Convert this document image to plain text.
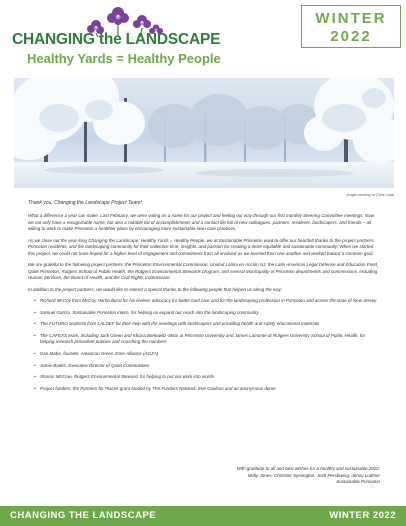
CHANGING the LANDSCAPE
Healthy Yards = Healthy People
WINTER
2022
Image courtesy of Chris Cobb

Thank you, Changing the Landscape Project Team!

What a difference a year can make. Last February, we were voting on a name for our project and feeling our way through our first monthly Steering Committee meetings. Now, we not only have a recognizable name, but also a notable list of accomplishments and a contact file full of new colleagues, partners, residents, landscapers, and friends – all willing to work to make Princeton a healthier place by encouraging more sustainable lawn care practices.

As we close out the year-long Changing the Landscape: Healthy Yards = Healthy People, we at Sustainable Princeton want to offer our heartfelt thanks to the project partners, Princeton residents, and the landscaping community for their collective time, insights, and passion for creating a more equitable and sustainable community. When we started this project, we could not have hoped for a higher level of engagement and commitment from all involved as we learned from one another and worked toward a common goal.

We are grateful to the following project partners: the Princeton Environmental Commission, Unidad Latina en Acción NJ, the Latin American Legal Defense and Education Fund, Quiet Princeton, Rutgers School of Public Health, the Rutgers Environmental Stewards program, and several Municipality of Princeton departments and commissions, including Human Services, the Board of Health, and the Civil Rights Commission.

In addition to the project partners, we would like to extend a special thanks to the following people that helped us along the way:

• Richard McCoy from McCoy Horticultural for his tireless advocacy for better land care and for the landscaping profession in Princeton and across the state of New Jersey
• Samuel Garcia, Sustainable Princeton intern, for helping us expand our reach into the landscaping community
• The FUTURO students from LALDEF for their help with the meetings with landscapers and providing health and safety educational materials
• The CAFEXS team, including Jack Green and Khiara Berkowitz-Sklar at Princeton University and James Lamonte at Rutgers University School of Public Health, for helping research precedent policies and crunching the numbers
• Dan Mabe, founder, American Green Zone Alliance (AGZA)
• Jamie Banks, Executive Director of Quiet Communities
• Sharon McCrae, Rutgers Environmental Steward, for helping to put our work into words
• Project funders: the Partners for Places grant funded by The Funders Network, Eve Coulson and an anonymous donor
With gratitude to all and best wishes for a healthy and sustainable 2022,
Molly Jones, Christine Symington, Josh Persbwerg, Jenny Ludmer
Sustainable Princeton
CHANGING THE LANDSCAPE	WINTER 2022
